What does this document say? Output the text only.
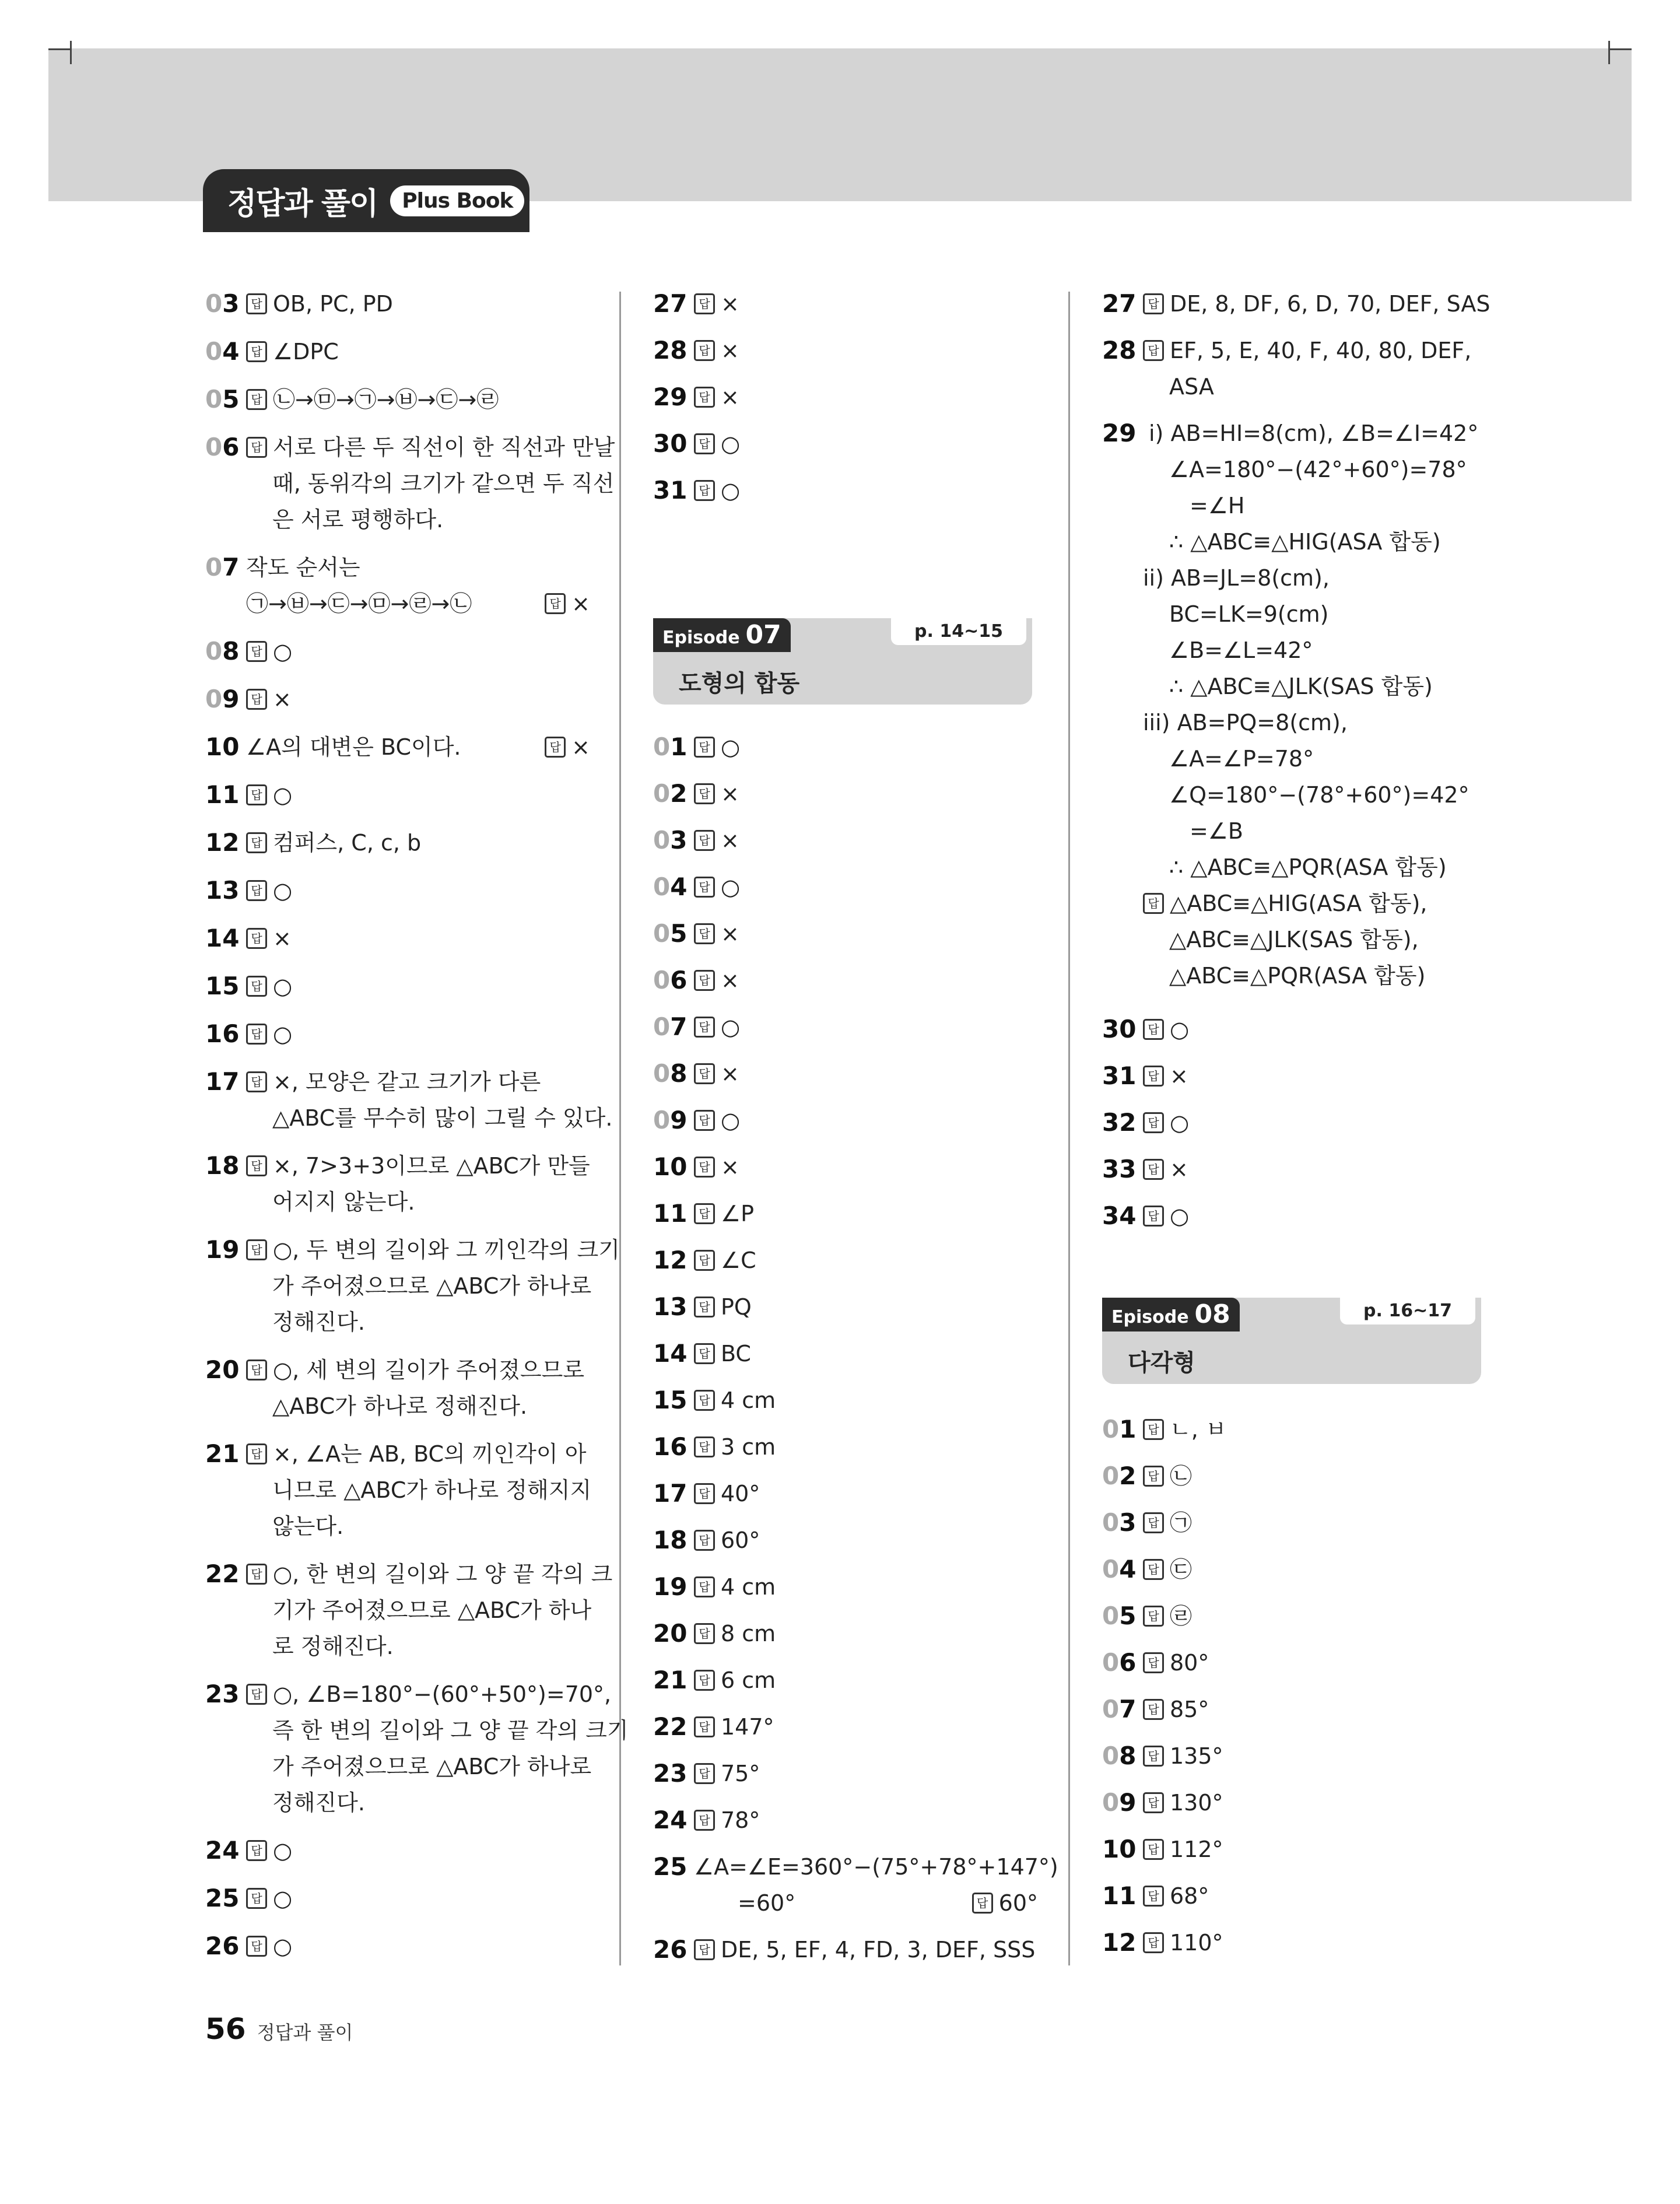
정답과 풀이	Plus Book
03 답	OB, PC, PD
04 답	∠DPC
05 답	㉡→㉤→㉠→㉥→㉢→㉣
06 답	서로 다른 두 직선이 한 직선과 만날
때, 동위각의 크기가 같으면 두 직선
은 서로 평행하다.
07 작도 순서는
㉠→㉥→㉢→㉤→㉣→㉡ 답	×
08 답	○
09 답	×
10 ∠A의 대변은 BC이다. 답	×
11 답	○
12 답	컴퍼스, C, c, b
13 답	○
14 답	×
15 답	○
16 답	○
17 답	×, 모양은 같고 크기가 다른
△ABC를 무수히 많이 그릴 수 있다.
18 답	×, 7>3+3이므로 △ABC가 만들
어지지 않는다.
19 답	○, 두 변의 길이와 그 끼인각의 크기
가 주어졌으므로 △ABC가 하나로
정해진다.
20 답	○, 세 변의 길이가 주어졌으므로
△ABC가 하나로 정해진다.
21 답	×, ∠A는 AB, BC의 끼인각이 아
니므로 △ABC가 하나로 정해지지
않는다.
22 답	○, 한 변의 길이와 그 양 끝 각의 크
기가 주어졌으므로 △ABC가 하나
로 정해진다.
23 답	○, ∠B=180°−(60°+50°)=70°,
즉 한 변의 길이와 그 양 끝 각의 크기
가 주어졌으므로 △ABC가 하나로
정해진다.
24 답	○
25 답	○
26 답	○
27 답	×
28 답	×
29 답	×
30 답	○
31 답	○
Episode 07	p. 14~15
도형의 합동
01 답	○
02 답	×
03 답	×
04 답	○
05 답	×
06 답	×
07 답	○
08 답	×
09 답	○
10 답	×
11 답	∠P
12 답	∠C
13 답	PQ
14 답	BC
15 답	4 cm
16 답	3 cm
17 답	40°
18 답	60°
19 답	4 cm
20 답	8 cm
21 답	6 cm
22 답	147°
23 답	75°
24 답	78°
25 ∠A=∠E=360°−(75°+78°+147°)
=60° 답	60°
26 답	DE, 5, EF, 4, FD, 3, DEF, SSS
27 답	DE, 8, DF, 6, D, 70, DEF, SAS
28 답	EF, 5, E, 40, F, 40, 80, DEF,
ASA
29 i) AB=HI=8(cm), ∠B=∠I=42°
∠A=180°−(42°+60°)=78°
=∠H
∴ △ABC≡△HIG(ASA 합동)
ii) AB=JL=8(cm),
BC=LK=9(cm)
∠B=∠L=42°
∴ △ABC≡△JLK(SAS 합동)
iii) AB=PQ=8(cm),
∠A=∠P=78°
∠Q=180°−(78°+60°)=42°
=∠B
∴ △ABC≡△PQR(ASA 합동)
답△ABC≡△HIG(ASA 합동),
△ABC≡△JLK(SAS 합동),
△ABC≡△PQR(ASA 합동)
30 답	○
31 답	×
32 답	○
33 답	×
34 답	○
Episode 08	p. 16~17
다각형
01 답	ㄴ, ㅂ
02 답	㉡
03 답	㉠
04 답	㉢
05 답	㉣
06 답	80°
07 답	85°
08 답	135°
09 답	130°
10 답	112°
11 답	68°
12 답	110°
56 정답과 풀이
